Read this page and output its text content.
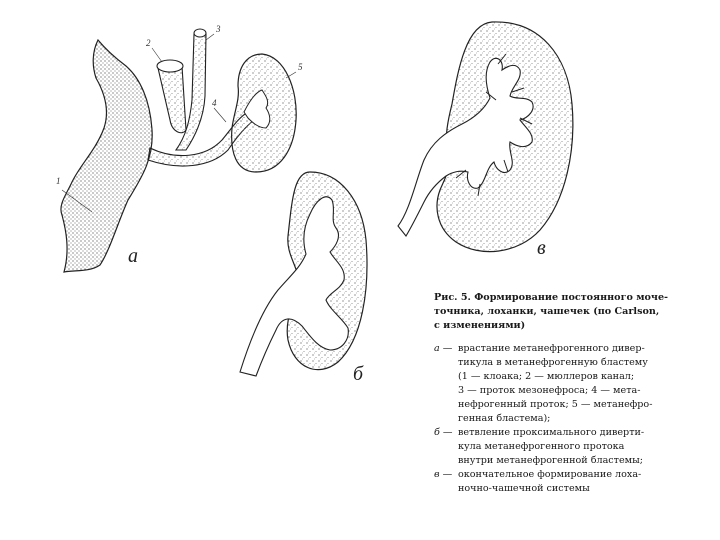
1
2
3
4
5
а
б
в
Рис. 5. Формирование постоянного моче-
точника, лоханки, чашечек (по Carlson,
с изменениями)
а — врастание метанефрогенного дивер-
тикула в метанефрогенную бластему
(1 — клоака; 2 — мюллеров канал;
3 — проток мезонефроса; 4 — мета-
нефрогенный проток; 5 — метанефро-
генная бластема);
б — ветвление проксимального диверти-
кула метанефрогенного протока
внутри метанефрогенной бластемы;
в — окончательное формирование лоха-
ночно-чашечной системы
